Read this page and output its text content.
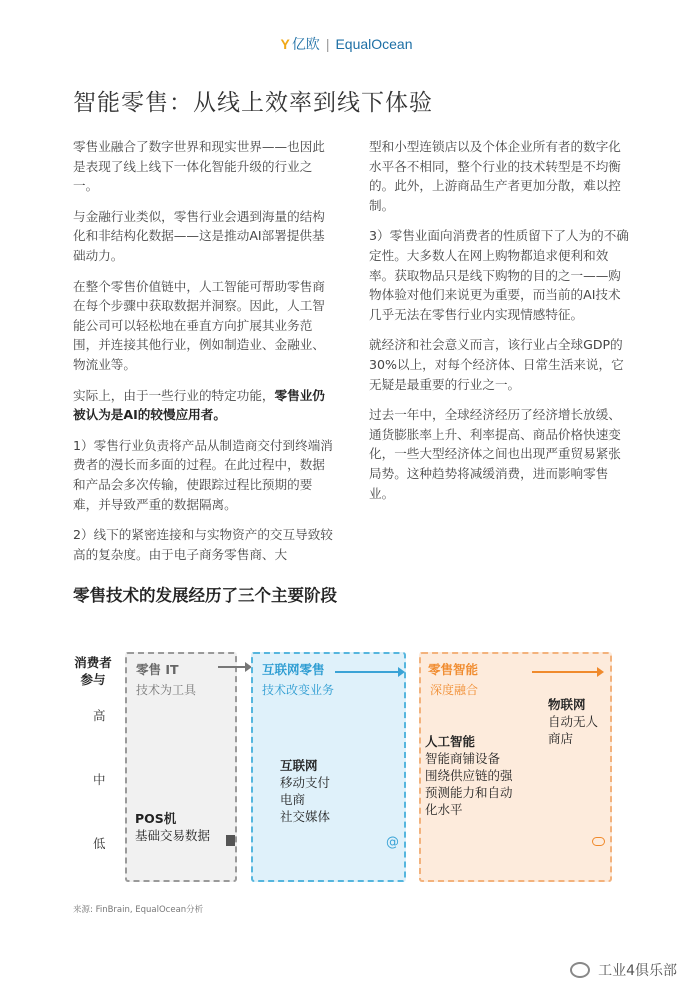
Y 亿欧 | EqualOcean
智能零售：从线上效率到线下体验

零售业融合了数字世界和现实世界——也因此是表现了线上线下一体化智能升级的行业之一。

与金融行业类似，零售行业会遇到海量的结构化和非结构化数据——这是推动AI部署提供基础动力。

在整个零售价值链中，人工智能可帮助零售商在每个步骤中获取数据并洞察。因此，人工智能公司可以轻松地在垂直方向扩展其业务范围，并连接其他行业，例如制造业、金融业、物流业等。

实际上，由于一些行业的特定功能，零售业仍被认为是AI的较慢应用者。

1）零售行业负责将产品从制造商交付到终端消费者的漫长而多面的过程。在此过程中，数据和产品会多次传输，使跟踪过程比预期的要难，并导致严重的数据隔离。

2）线下的紧密连接和与实物资产的交互导致较高的复杂度。由于电子商务零售商、大

型和小型连锁店以及个体企业所有者的数字化水平各不相同，整个行业的技术转型是不均衡的。此外，上游商品生产者更加分散，难以控制。

3）零售业面向消费者的性质留下了人为的不确定性。大多数人在网上购物都追求便利和效率。获取物品只是线下购物的目的之一——购物体验对他们来说更为重要，而当前的AI技术几乎无法在零售行业内实现情感特征。

就经济和社会意义而言，该行业占全球GDP的30%以上，对每个经济体、日常生活来说，它无疑是最重要的行业之一。

过去一年中，全球经济经历了经济增长放缓、通货膨胀率上升、利率提高、商品价格快速变化，一些大型经济体之间也出现严重贸易紧张局势。这种趋势将减缓消费，进而影响零售业。

零售技术的发展经历了三个主要阶段
消费者参与
高
中
低
零售 IT
技术为工具
POS机
基础交易数据
互联网零售
技术改变业务
互联网
移动支付
电商
社交媒体
@
零售智能
深度融合
物联网
自动无人
商店
人工智能
智能商铺设备
围绕供应链的强
预测能力和自动
化水平
来源: FinBrain, EqualOcean分析
工业4俱乐部
